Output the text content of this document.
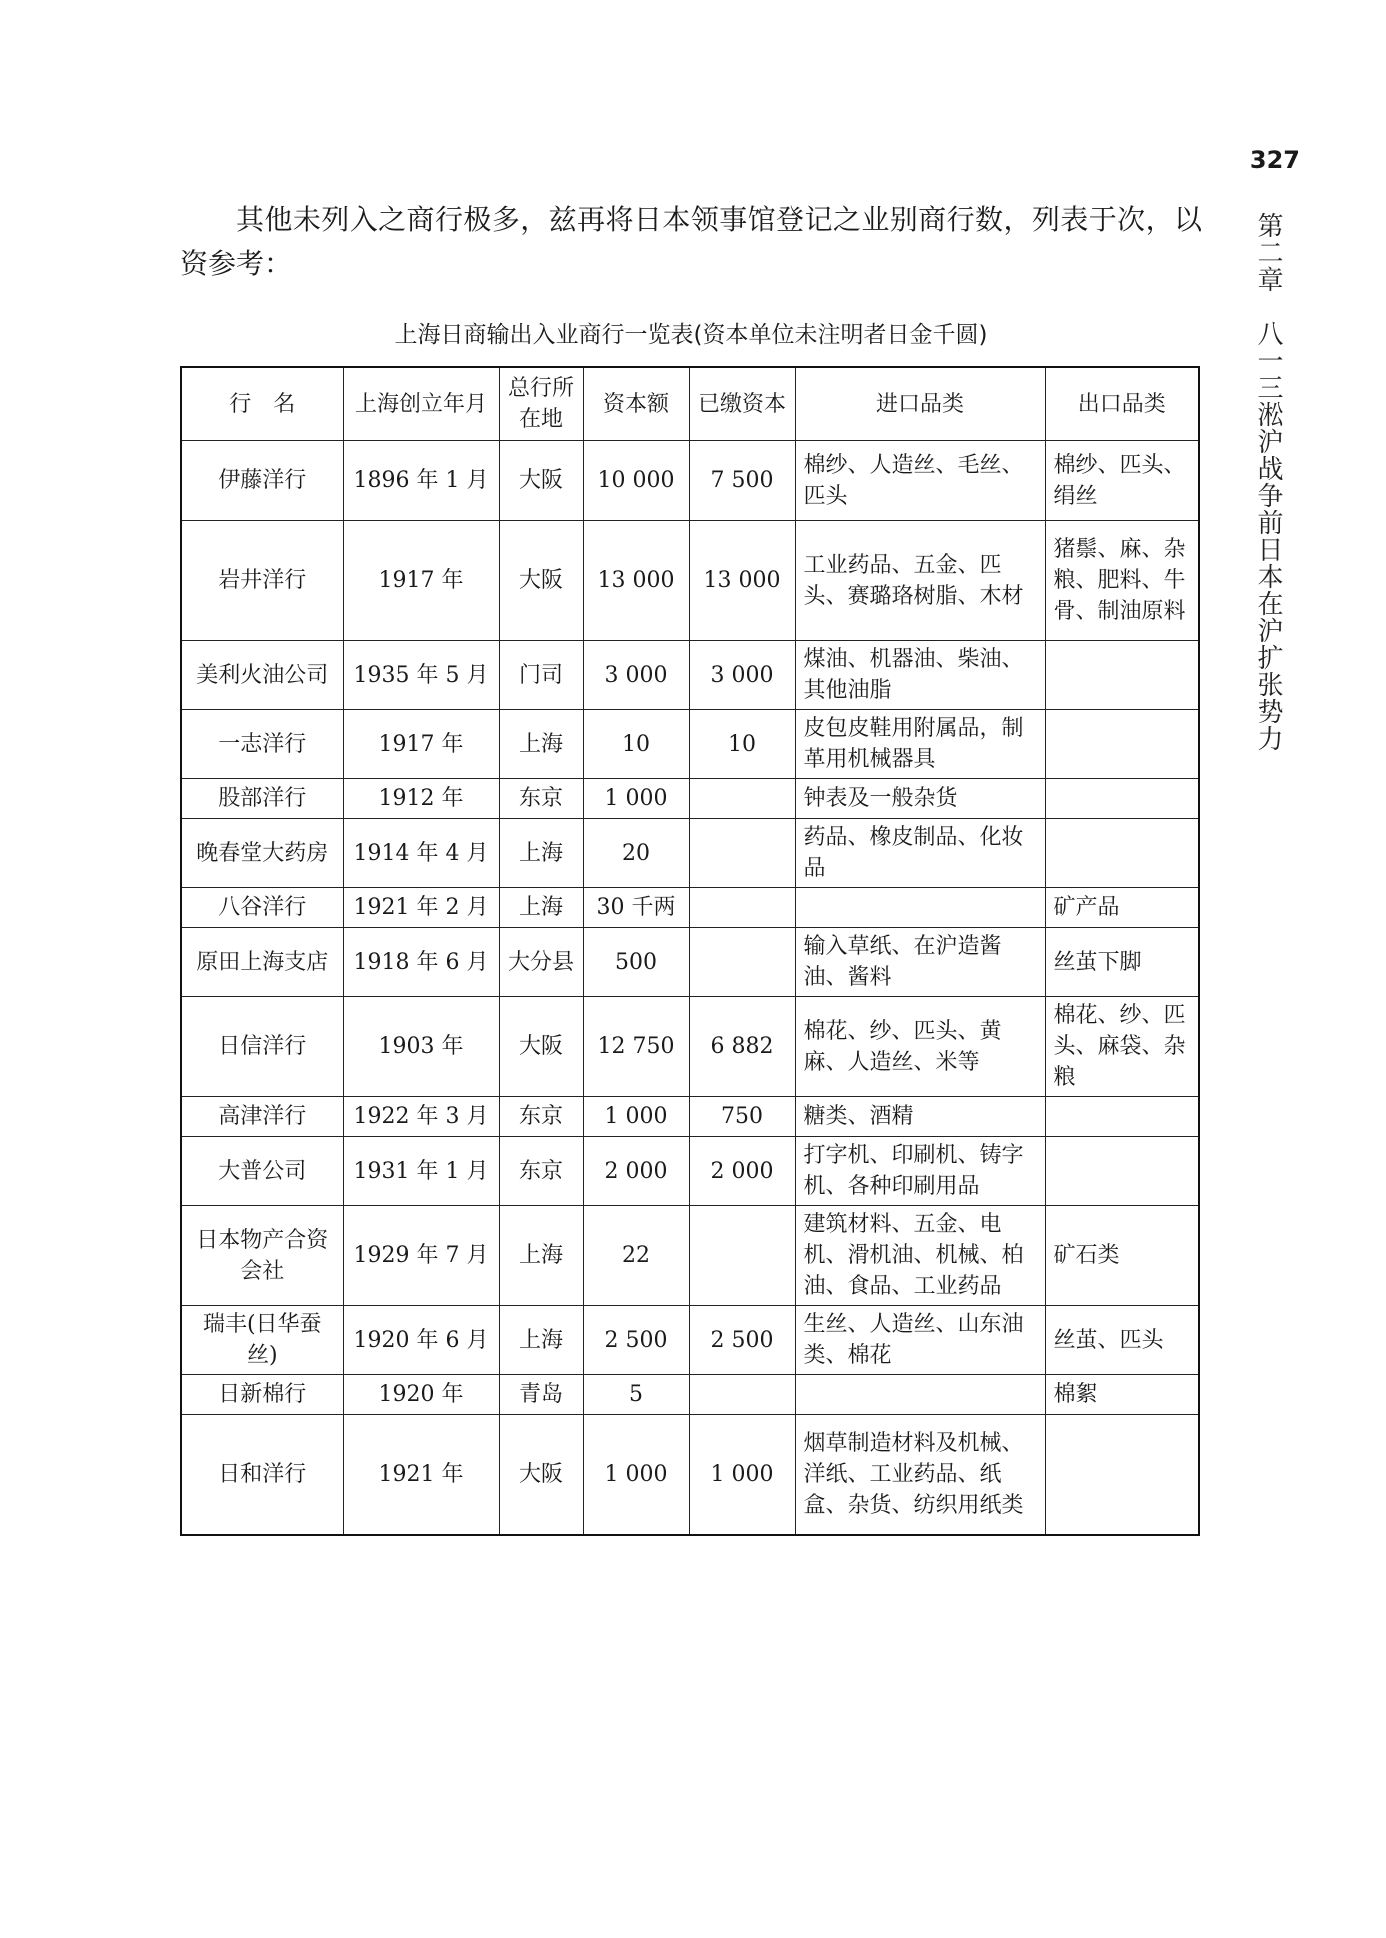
327
第二章　八一三淞沪战争前日本在沪扩张势力

其他未列入之商行极多，兹再将日本领事馆登记之业别商行数，列表于次，以资参考：

上海日商输出入业商行一览表(资本单位未注明者日金千圆)

行　名	上海创立年月	总行所在地	资本额	已缴资本	进口品类	出口品类
伊藤洋行	1896 年 1 月	大阪	10 000	7 500	棉纱、人造丝、毛丝、匹头	棉纱、匹头、绢丝
岩井洋行	1917 年	大阪	13 000	13 000	工业药品、五金、匹头、赛璐珞树脂、木材	猪鬃、麻、杂粮、肥料、牛骨、制油原料
美利火油公司	1935 年 5 月	门司	3 000	3 000	煤油、机器油、柴油、其他油脂	
一志洋行	1917 年	上海	10	10	皮包皮鞋用附属品，制革用机械器具	
股部洋行	1912 年	东京	1 000		钟表及一般杂货	
晚春堂大药房	1914 年 4 月	上海	20		药品、橡皮制品、化妆品	
八谷洋行	1921 年 2 月	上海	30 千两			矿产品
原田上海支店	1918 年 6 月	大分县	500		输入草纸、在沪造酱油、酱料	丝茧下脚
日信洋行	1903 年	大阪	12 750	6 882	棉花、纱、匹头、黄麻、人造丝、米等	棉花、纱、匹头、麻袋、杂粮
高津洋行	1922 年 3 月	东京	1 000	750	糖类、酒精	
大普公司	1931 年 1 月	东京	2 000	2 000	打字机、印刷机、铸字机、各种印刷用品	
日本物产合资会社	1929 年 7 月	上海	22		建筑材料、五金、电机、滑机油、机械、柏油、食品、工业药品	矿石类
瑞丰(日华蚕丝)	1920 年 6 月	上海	2 500	2 500	生丝、人造丝、山东油类、棉花	丝茧、匹头
日新棉行	1920 年	青岛	5			棉絮
日和洋行	1921 年	大阪	1 000	1 000	烟草制造材料及机械、洋纸、工业药品、纸盒、杂货、纺织用纸类	
